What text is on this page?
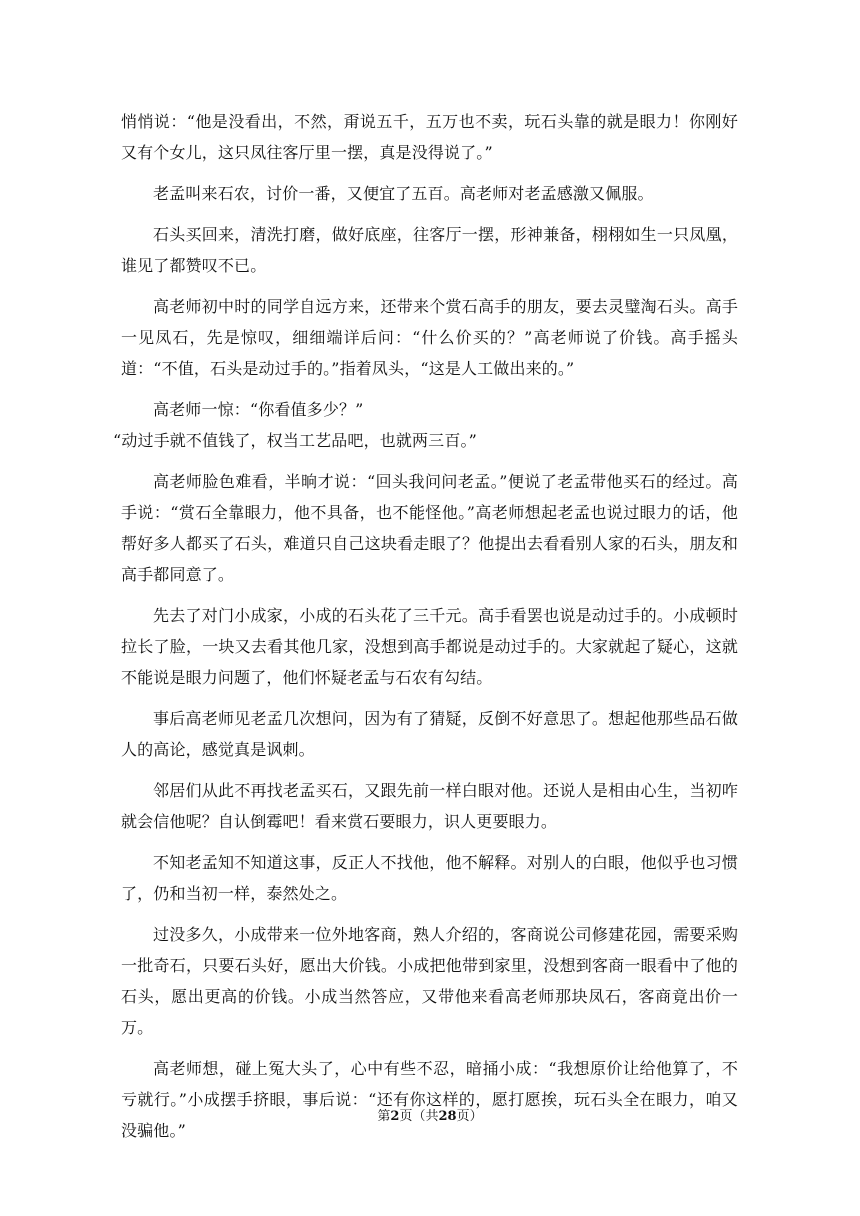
悄悄说：“他是没看出，不然，甭说五千，五万也不卖，玩石头靠的就是眼力！你刚好又有个女儿，这只凤往客厅里一摆，真是没得说了。”

老孟叫来石农，讨价一番，又便宜了五百。高老师对老孟感激又佩服。

石头买回来，清洗打磨，做好底座，往客厅一摆，形神兼备，栩栩如生一只凤凰，谁见了都赞叹不已。

高老师初中时的同学自远方来，还带来个赏石高手的朋友，要去灵璧淘石头。高手一见凤石，先是惊叹，细细端详后问：“什么价买的？”高老师说了价钱。高手摇头道：“不值，石头是动过手的。”指着凤头，“这是人工做出来的。”

高老师一惊：“你看值多少？”

“动过手就不值钱了，权当工艺品吧，也就两三百。”

高老师脸色难看，半晌才说：“回头我问问老孟。”便说了老孟带他买石的经过。高手说：“赏石全靠眼力，他不具备，也不能怪他。”高老师想起老孟也说过眼力的话，他帮好多人都买了石头，难道只自己这块看走眼了？他提出去看看别人家的石头，朋友和高手都同意了。

先去了对门小成家，小成的石头花了三千元。高手看罢也说是动过手的。小成顿时拉长了脸，一块又去看其他几家，没想到高手都说是动过手的。大家就起了疑心，这就不能说是眼力问题了，他们怀疑老孟与石农有勾结。

事后高老师见老孟几次想问，因为有了猜疑，反倒不好意思了。想起他那些品石做人的高论，感觉真是讽刺。

邻居们从此不再找老孟买石，又跟先前一样白眼对他。还说人是相由心生，当初咋就会信他呢？自认倒霉吧！看来赏石要眼力，识人更要眼力。

不知老孟知不知道这事，反正人不找他，他不解释。对别人的白眼，他似乎也习惯了，仍和当初一样，泰然处之。

过没多久，小成带来一位外地客商，熟人介绍的，客商说公司修建花园，需要采购一批奇石，只要石头好，愿出大价钱。小成把他带到家里，没想到客商一眼看中了他的石头，愿出更高的价钱。小成当然答应，又带他来看高老师那块凤石，客商竟出价一万。

高老师想，碰上冤大头了，心中有些不忍，暗捅小成：“我想原价让给他算了，不亏就行。”小成摆手挤眼，事后说：“还有你这样的，愿打愿挨，玩石头全在眼力，咱又没骗他。”

第2页（共28页）
